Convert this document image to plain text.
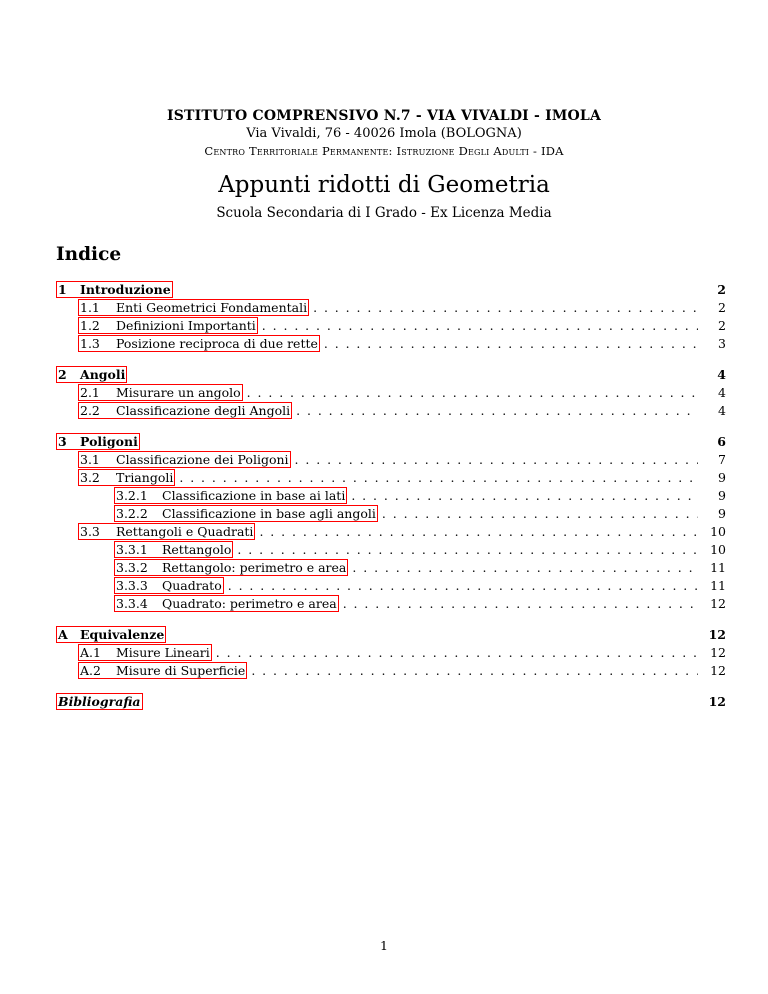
ISTITUTO COMPRENSIVO N.7 - VIA VIVALDI - IMOLA
Via Vivaldi, 76 - 40026 Imola (BOLOGNA)
Centro Territoriale Permanente: Istruzione Degli Adulti - IDA
Appunti ridotti di Geometria
Scuola Secondaria di I Grado - Ex Licenza Media
Indice
1 Introduzione	2
1.1 Enti Geometrici Fondamentali . . .	2
1.2 Definizioni Importanti . . .	2
1.3 Posizione reciproca di due rette . . .	3
2 Angoli	4
2.1 Misurare un angolo . . .	4
2.2 Classificazione degli Angoli . . .	4
3 Poligoni	6
3.1 Classificazione dei Poligoni . . .	7
3.2 Triangoli . . .	9
3.2.1 Classificazione in base ai lati . . .	9
3.2.2 Classificazione in base agli angoli . . .	9
3.3 Rettangoli e Quadrati . . .	10
3.3.1 Rettangolo . . .	10
3.3.2 Rettangolo: perimetro e area . . .	11
3.3.3 Quadrato . . .	11
3.3.4 Quadrato: perimetro e area . . .	12
A Equivalenze	12
A.1 Misure Lineari . . .	12
A.2 Misure di Superficie . . .	12
Bibliografia	12
1
